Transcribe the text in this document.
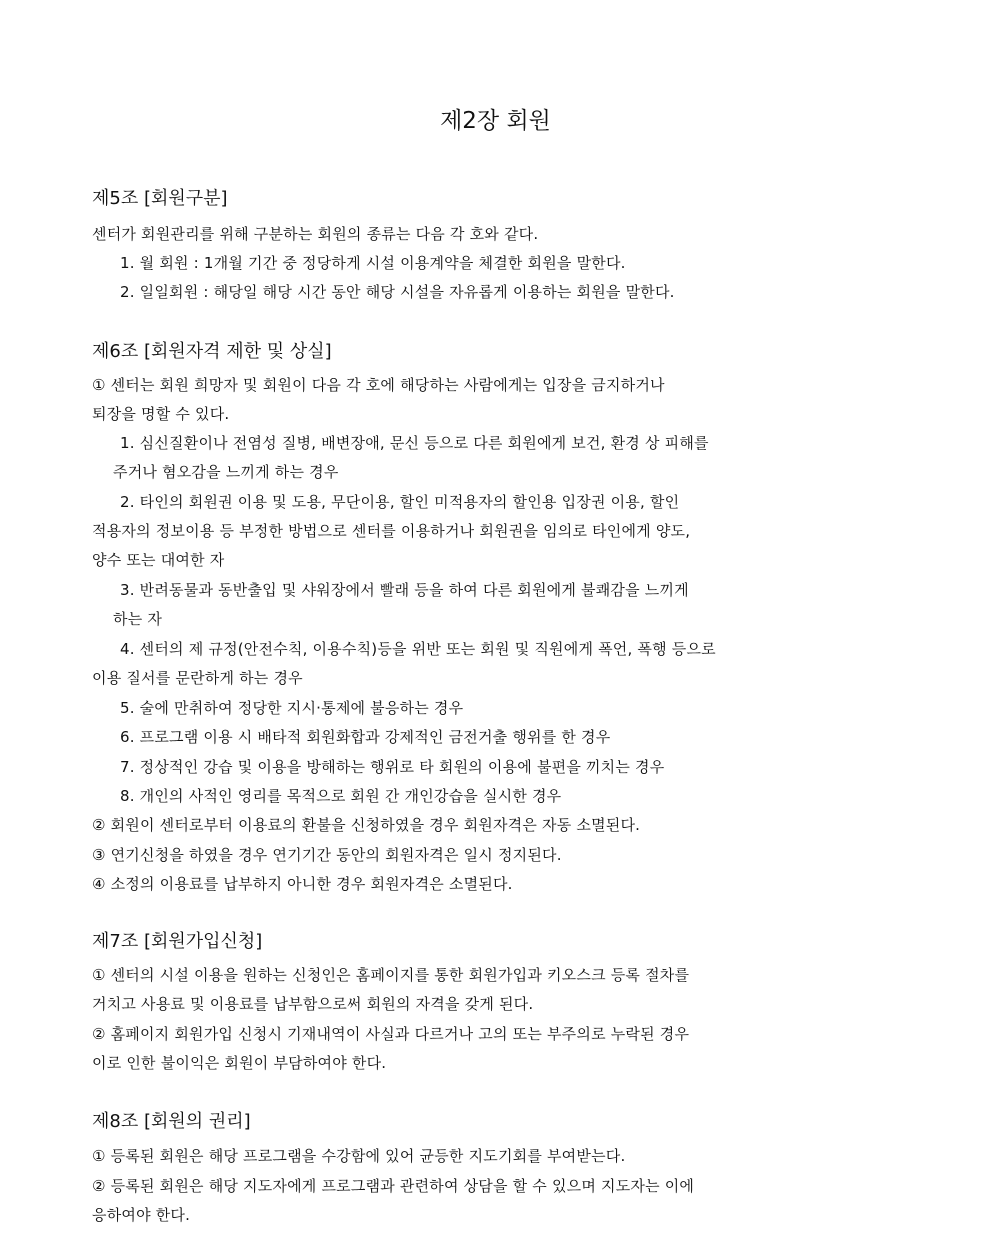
제2장 회원
제5조 [회원구분]
센터가 회원관리를 위해 구분하는 회원의 종류는 다음 각 호와 같다.
1. 월 회원 : 1개월 기간 중 정당하게 시설 이용계약을 체결한 회원을 말한다.
2. 일일회원 : 해당일 해당 시간 동안 해당 시설을 자유롭게 이용하는 회원을 말한다.
제6조 [회원자격 제한 및 상실]
① 센터는 회원 희망자 및 회원이 다음 각 호에 해당하는 사람에게는 입장을 금지하거나
퇴장을 명할 수 있다.
1. 심신질환이나 전염성 질병, 배변장애, 문신 등으로 다른 회원에게 보건, 환경 상 피해를
주거나 혐오감을 느끼게 하는 경우
2. 타인의 회원권 이용 및 도용, 무단이용, 할인 미적용자의 할인용 입장권 이용, 할인
적용자의 정보이용 등 부정한 방법으로 센터를 이용하거나 회원권을 임의로 타인에게 양도,
양수 또는 대여한 자
3. 반려동물과 동반출입 및 샤워장에서 빨래 등을 하여 다른 회원에게 불쾌감을 느끼게
하는 자
4. 센터의 제 규정(안전수칙, 이용수칙)등을 위반 또는 회원 및 직원에게 폭언, 폭행 등으로
이용 질서를 문란하게 하는 경우
5. 술에 만취하여 정당한 지시·통제에 불응하는 경우
6. 프로그램 이용 시 배타적 회원화합과 강제적인 금전거출 행위를 한 경우
7. 정상적인 강습 및 이용을 방해하는 행위로 타 회원의 이용에 불편을 끼치는 경우
8. 개인의 사적인 영리를 목적으로 회원 간 개인강습을 실시한 경우
② 회원이 센터로부터 이용료의 환불을 신청하였을 경우 회원자격은 자동 소멸된다.
③ 연기신청을 하였을 경우 연기기간 동안의 회원자격은 일시 정지된다.
④ 소정의 이용료를 납부하지 아니한 경우 회원자격은 소멸된다.
제7조 [회원가입신청]
① 센터의 시설 이용을 원하는 신청인은 홈페이지를 통한 회원가입과 키오스크 등록 절차를
거치고 사용료 및 이용료를 납부함으로써 회원의 자격을 갖게 된다.
② 홈페이지 회원가입 신청시 기재내역이 사실과 다르거나 고의 또는 부주의로 누락된 경우
이로 인한 불이익은 회원이 부담하여야 한다.
제8조 [회원의 권리]
① 등록된 회원은 해당 프로그램을 수강함에 있어 균등한 지도기회를 부여받는다.
② 등록된 회원은 해당 지도자에게 프로그램과 관련하여 상담을 할 수 있으며 지도자는 이에
응하여야 한다.
